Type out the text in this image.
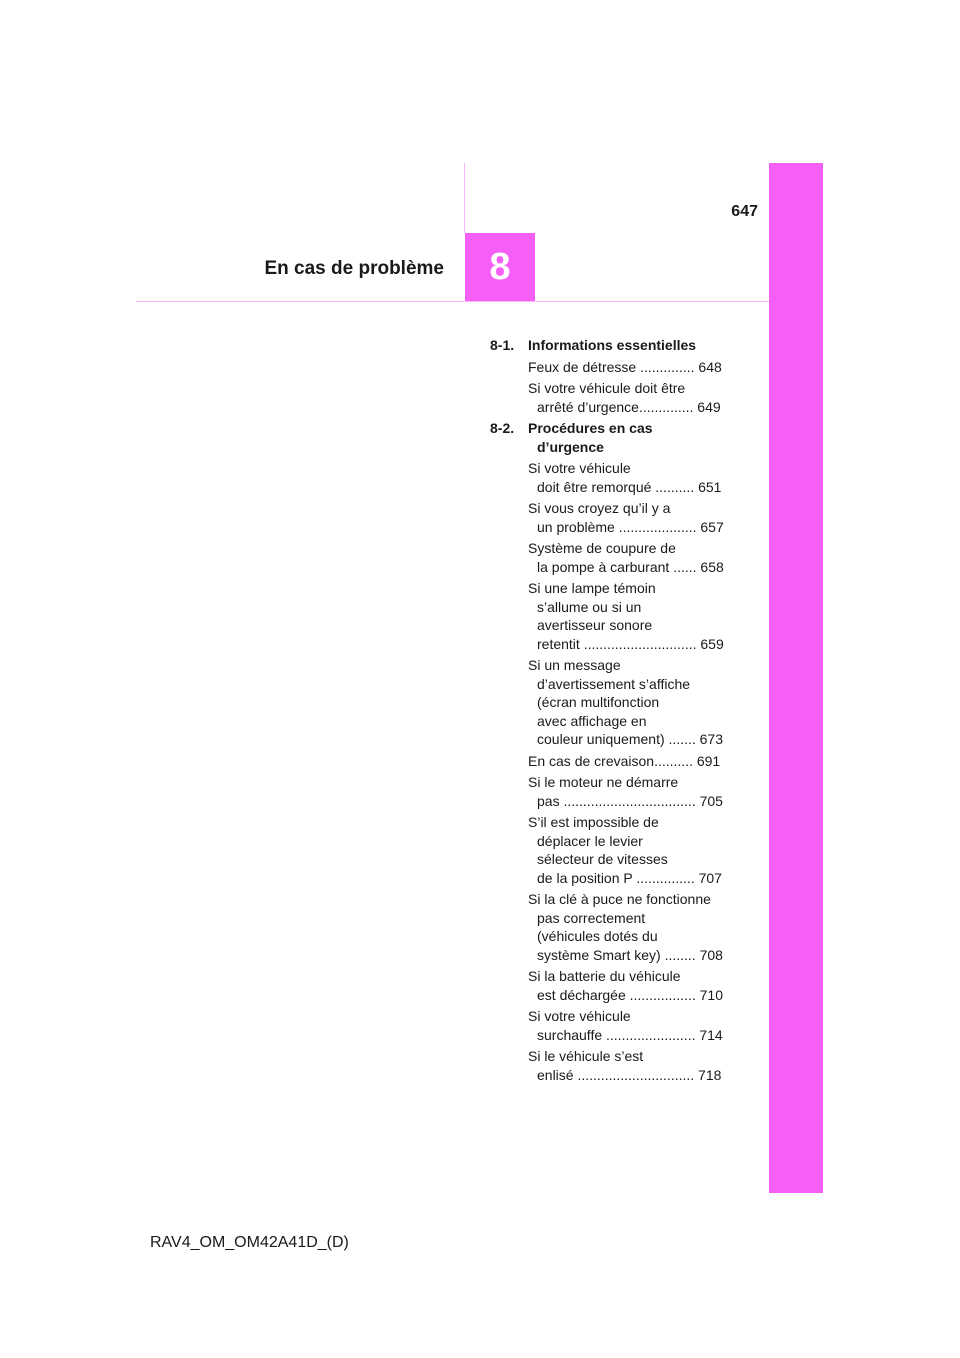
647
En cas de problème	8
8-1. Informations essentielles
Feux de détresse .............. 648
Si votre véhicule doit être
arrêté d’urgence.............. 649
8-2. Procédures en cas
d’urgence
Si votre véhicule
doit être remorqué .......... 651
Si vous croyez qu’il y a
un problème .................... 657
Système de coupure de
la pompe à carburant ...... 658
Si une lampe témoin
s’allume ou si un
avertisseur sonore
retentit ............................. 659
Si un message
d’avertissement s’affiche
(écran multifonction
avec affichage en
couleur uniquement) ....... 673
En cas de crevaison.......... 691
Si le moteur ne démarre
pas .................................. 705
S’il est impossible de
déplacer le levier
sélecteur de vitesses
de la position P ............... 707
Si la clé à puce ne fonctionne
pas correctement
(véhicules dotés du
système Smart key) ........ 708
Si la batterie du véhicule
est déchargée ................. 710
Si votre véhicule
surchauffe ....................... 714
Si le véhicule s’est
enlisé .............................. 718
RAV4_OM_OM42A41D_(D)
